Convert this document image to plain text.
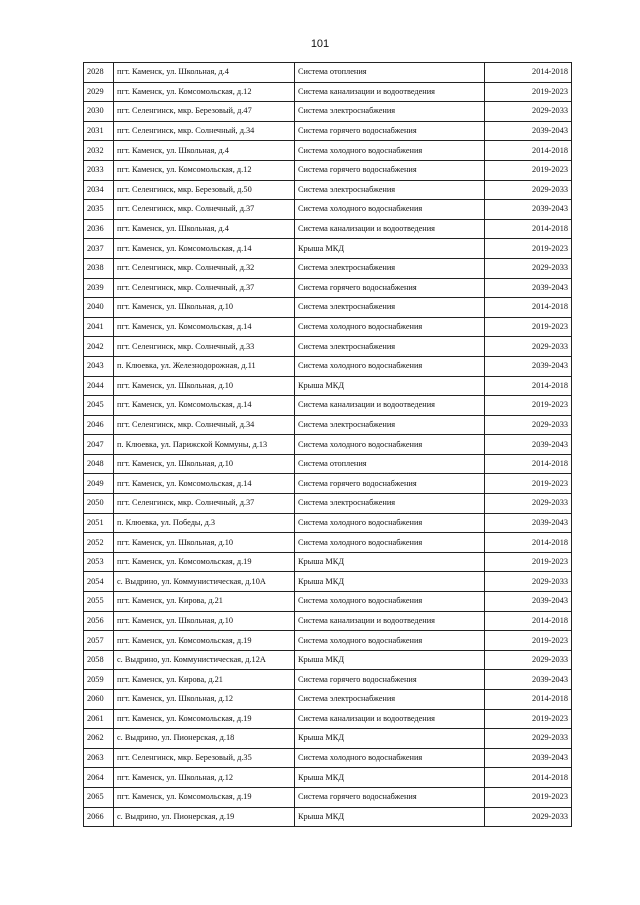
101
2028	пгт. Каменск, ул. Школьная, д.4	Система отопления	2014-2018
2029	пгт. Каменск, ул. Комсомольская, д.12	Система канализации и водоотведения	2019-2023
2030	пгт. Селенгинск, мкр. Березовый, д.47	Система электроснабжения	2029-2033
2031	пгт. Селенгинск, мкр. Солнечный, д.34	Система горячего водоснабжения	2039-2043
2032	пгт. Каменск, ул. Школьная, д.4	Система холодного водоснабжения	2014-2018
2033	пгт. Каменск, ул. Комсомольская, д.12	Система горячего водоснабжения	2019-2023
2034	пгт. Селенгинск, мкр. Березовый, д.50	Система электроснабжения	2029-2033
2035	пгт. Селенгинск, мкр. Солнечный, д.37	Система холодного водоснабжения	2039-2043
2036	пгт. Каменск, ул. Школьная, д.4	Система канализации и водоотведения	2014-2018
2037	пгт. Каменск, ул. Комсомольская, д.14	Крыша МКД	2019-2023
2038	пгт. Селенгинск, мкр. Солнечный, д.32	Система электроснабжения	2029-2033
2039	пгт. Селенгинск, мкр. Солнечный, д.37	Система горячего водоснабжения	2039-2043
2040	пгт. Каменск, ул. Школьная, д.10	Система электроснабжения	2014-2018
2041	пгт. Каменск, ул. Комсомольская, д.14	Система холодного водоснабжения	2019-2023
2042	пгт. Селенгинск, мкр. Солнечный, д.33	Система электроснабжения	2029-2033
2043	п. Клюевка, ул. Железнодорожная, д.11	Система холодного водоснабжения	2039-2043
2044	пгт. Каменск, ул. Школьная, д.10	Крыша МКД	2014-2018
2045	пгт. Каменск, ул. Комсомольская, д.14	Система канализации и водоотведения	2019-2023
2046	пгт. Селенгинск, мкр. Солнечный, д.34	Система электроснабжения	2029-2033
2047	п. Клюевка, ул. Парижской Коммуны, д.13	Система холодного водоснабжения	2039-2043
2048	пгт. Каменск, ул. Школьная, д.10	Система отопления	2014-2018
2049	пгт. Каменск, ул. Комсомольская, д.14	Система горячего водоснабжения	2019-2023
2050	пгт. Селенгинск, мкр. Солнечный, д.37	Система электроснабжения	2029-2033
2051	п. Клюевка, ул. Победы, д.3	Система холодного водоснабжения	2039-2043
2052	пгт. Каменск, ул. Школьная, д.10	Система холодного водоснабжения	2014-2018
2053	пгт. Каменск, ул. Комсомольская, д.19	Крыша МКД	2019-2023
2054	с. Выдрино, ул. Коммунистическая, д.10А	Крыша МКД	2029-2033
2055	пгт. Каменск, ул. Кирова, д.21	Система холодного водоснабжения	2039-2043
2056	пгт. Каменск, ул. Школьная, д.10	Система канализации и водоотведения	2014-2018
2057	пгт. Каменск, ул. Комсомольская, д.19	Система холодного водоснабжения	2019-2023
2058	с. Выдрино, ул. Коммунистическая, д.12А	Крыша МКД	2029-2033
2059	пгт. Каменск, ул. Кирова, д.21	Система горячего водоснабжения	2039-2043
2060	пгт. Каменск, ул. Школьная, д.12	Система электроснабжения	2014-2018
2061	пгт. Каменск, ул. Комсомольская, д.19	Система канализации и водоотведения	2019-2023
2062	с. Выдрино, ул. Пионерская, д.18	Крыша МКД	2029-2033
2063	пгт. Селенгинск, мкр. Березовый, д.35	Система холодного водоснабжения	2039-2043
2064	пгт. Каменск, ул. Школьная, д.12	Крыша МКД	2014-2018
2065	пгт. Каменск, ул. Комсомольская, д.19	Система горячего водоснабжения	2019-2023
2066	с. Выдрино, ул. Пионерская, д.19	Крыша МКД	2029-2033
